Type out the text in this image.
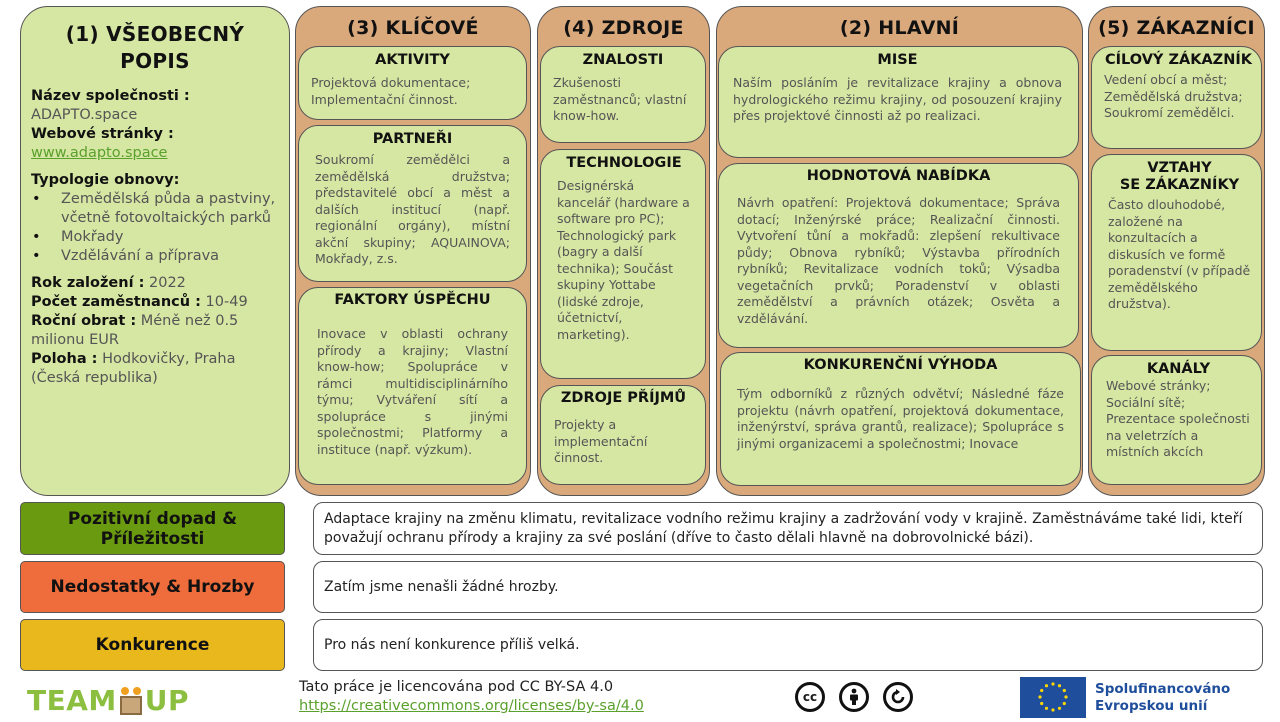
(1) VŠEOBECNÝ POPIS
Název společnosti :
ADAPTO.space
Webové stránky :
www.adapto.space
Typologie obnovy:
• Zemědělská půda a pastviny, včetně fotovoltaických parků
• Mokřady
• Vzdělávání a příprava
Rok založení : 2022
Počet zaměstnanců : 10-49
Roční obrat : Méně než 0.5 milionu EUR
Poloha : Hodkovičky, Praha (Česká republika)
(3) KLÍČOVÉ
AKTIVITY
Projektová dokumentace; Implementační činnost.
PARTNEŘI
Soukromí zemědělci a zemědělská družstva; představitelé obcí a měst a dalších institucí (např. regionální orgány), místní akční skupiny; AQUAINOVA; Mokřady, z.s.
FAKTORY ÚSPĚCHU
Inovace v oblasti ochrany přírody a krajiny; Vlastní know-how; Spolupráce v rámci multidisciplinárního týmu; Vytváření sítí a spolupráce s jinými společnostmi; Platformy a instituce (např. výzkum).
(4) ZDROJE
ZNALOSTI
Zkušenosti zaměstnanců; vlastní know-how.
TECHNOLOGIE
Designérská kancelář (hardware a software pro PC); Technologický park (bagry a další technika); Součást skupiny Yottabe (lidské zdroje, účetnictví, marketing).
ZDROJE PŘÍJMŮ
Projekty a implementační činnost.
(2) HLAVNÍ
MISE
Naším posláním je revitalizace krajiny a obnova hydrologického režimu krajiny, od posouzení krajiny přes projektové činnosti až po realizaci.
HODNOTOVÁ NABÍDKA
Návrh opatření: Projektová dokumentace; Správa dotací; Inženýrské práce; Realizační činnosti. Vytvoření tůní a mokřadů: zlepšení rekultivace půdy; Obnova rybníků; Výstavba přírodních rybníků; Revitalizace vodních toků; Výsadba vegetačních prvků; Poradenství v oblasti zemědělství a právních otázek; Osvěta a vzdělávání.
KONKURENČNÍ VÝHODA
Tým odborníků z různých odvětví; Následné fáze projektu (návrh opatření, projektová dokumentace, inženýrství, správa grantů, realizace); Spolupráce s jinými organizacemi a společnostmi; Inovace
(5) ZÁKAZNÍCI
CÍLOVÝ ZÁKAZNÍK
Vedení obcí a měst; Zemědělská družstva; Soukromí zemědělci.
VZTAHY
SE ZÁKAZNÍKY
Často dlouhodobé, založené na konzultacích a diskusích ve formě poradenství (v případě zemědělského družstva).
KANÁLY
Webové stránky; Sociální sítě; Prezentace společnosti na veletrzích a místních akcích
Pozitivní dopad & Příležitosti
Adaptace krajiny na změnu klimatu, revitalizace vodního režimu krajiny a zadržování vody v krajině. Zaměstnáváme také lidi, kteří považují ochranu přírody a krajiny za své poslání (dříve to často dělali hlavně na dobrovolnické bázi).
Nedostatky & Hrozby	Zatím jsme nenašli žádné hrozby.
Konkurence	Pro nás není konkurence příliš velká.
TEAM UP	Tato práce je licencována pod CC BY-SA 4.0
https://creativecommons.org/licenses/by-sa/4.0
cc
Spolufinancováno
Evropskou unií
